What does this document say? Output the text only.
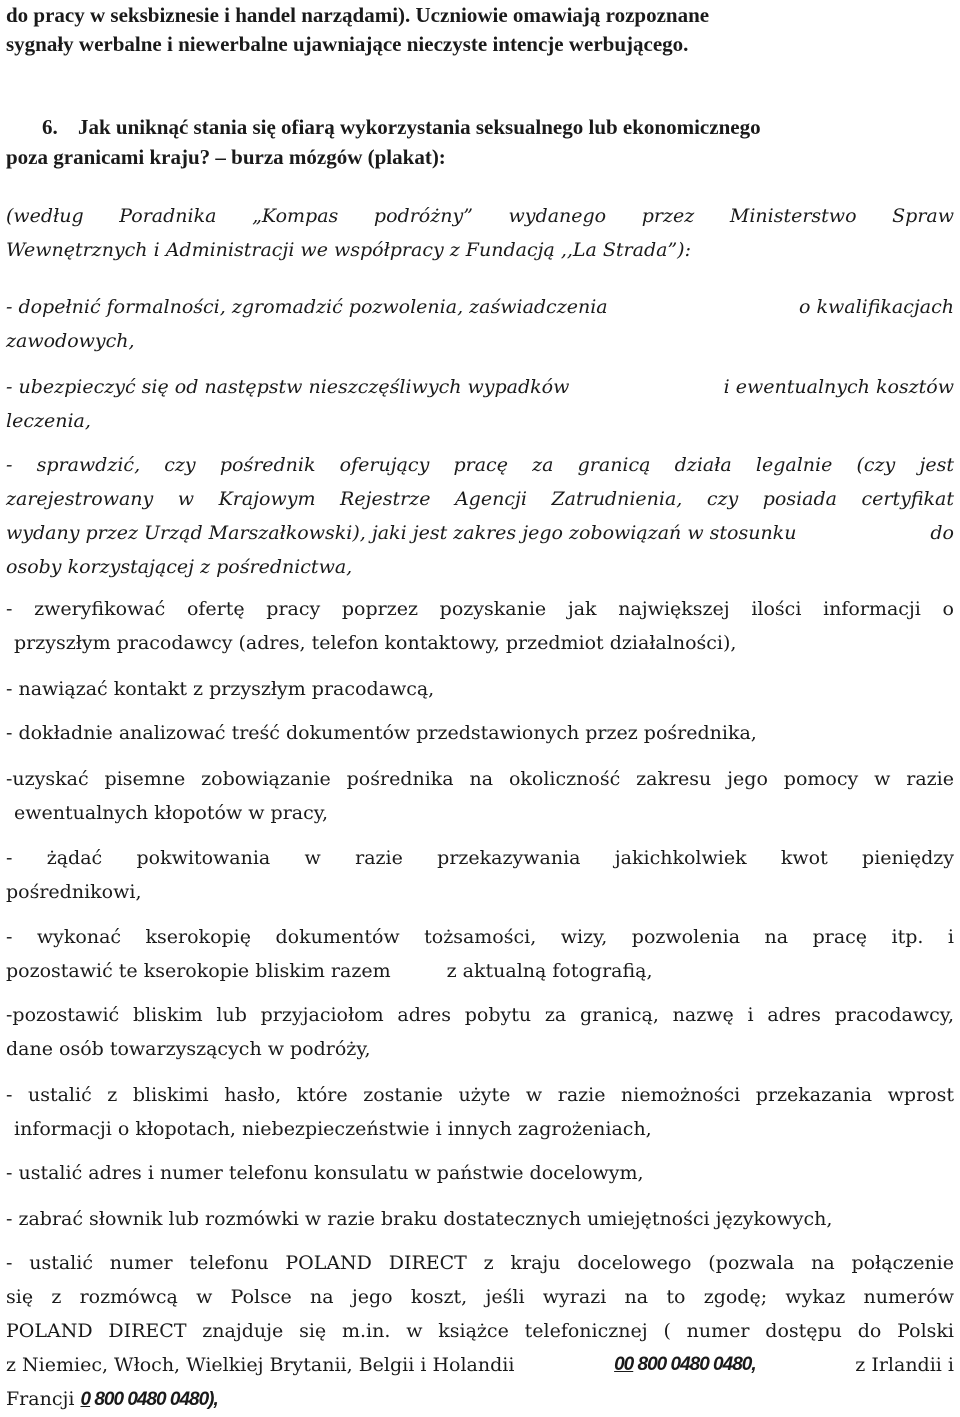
do pracy w seksbiznesie i handel narządami). Uczniowie omawiają rozpoznane
sygnały werbalne i niewerbalne ujawniające nieczyste intencje werbującego.
6. Jak uniknąć stania się ofiarą wykorzystania seksualnego lub ekonomicznego
poza granicami kraju? – burza mózgów (plakat):
(według Poradnika „Kompas podróżny” wydanego przez Ministerstwo Spraw
Wewnętrznych i Administracji we współpracy z Fundacją ,,La Strada”):
- dopełnić formalności, zgromadzić pozwolenia, zaświadczenia	o kwalifikacjach
zawodowych,
- ubezpieczyć się od następstw nieszczęśliwych wypadków	i ewentualnych kosztów
leczenia,
- sprawdzić, czy pośrednik oferujący pracę za granicą działa legalnie (czy jest
zarejestrowany w Krajowym Rejestrze Agencji Zatrudnienia, czy posiada certyfikat
wydany przez Urząd Marszałkowski), jaki jest zakres jego zobowiązań w stosunku	do
osoby korzystającej z pośrednictwa,
- zweryfikować ofertę pracy poprzez pozyskanie jak największej ilości informacji o
przyszłym pracodawcy (adres, telefon kontaktowy, przedmiot działalności),
- nawiązać kontakt z przyszłym pracodawcą,
- dokładnie analizować treść dokumentów przedstawionych przez pośrednika,
-uzyskać pisemne zobowiązanie pośrednika na okoliczność zakresu jego pomocy w razie
ewentualnych kłopotów w pracy,
- żądać pokwitowania w razie przekazywania jakichkolwiek kwot pieniędzy
pośrednikowi,
- wykonać kserokopię dokumentów tożsamości, wizy, pozwolenia na pracę itp. i
pozostawić te kserokopie bliskim razem	z aktualną fotografią,
-pozostawić bliskim lub przyjaciołom adres pobytu za granicą, nazwę i adres pracodawcy,
dane osób towarzyszących w podróży,
- ustalić z bliskimi hasło, które zostanie użyte w razie niemożności przekazania wprost
informacji o kłopotach, niebezpieczeństwie i innych zagrożeniach,
- ustalić adres i numer telefonu konsulatu w państwie docelowym,
- zabrać słownik lub rozmówki w razie braku dostatecznych umiejętności językowych,
- ustalić numer telefonu POLAND DIRECT z kraju docelowego (pozwala na połączenie
się z rozmówcą w Polsce na jego koszt, jeśli wyrazi na to zgodę; wykaz numerów
POLAND DIRECT znajduje się m.in. w książce telefonicznej ( numer dostępu do Polski
z Niemiec, Włoch, Wielkiej Brytanii, Belgii i Holandii	00 800 0480 0480,	z Irlandii i
Francji 0 800 0480 0480),
